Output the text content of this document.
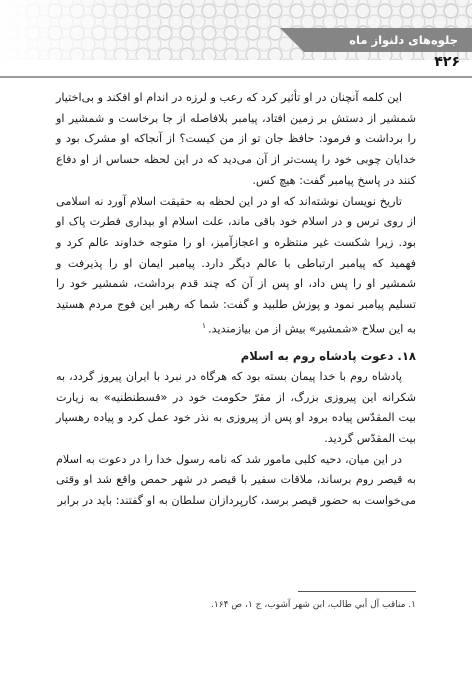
جلوه‌های دلنواز ماه
۴۲۶

این کلمه آنچنان در او تأثیر کرد که رعب و لرزه در اندام او افکند و بی‌اختیار شمشیر از دستش بر زمین افتاد، پیامبر بلافاصله از جا برخاست و شمشیر او را برداشت و فرمود: حافظ جان تو از من کیست؟ از آنجاکه او مشرک بود و خدایان چوبی خود را پست‌تر از آن می‌دید که در این لحظه حساس از او دفاع کنند در پاسخ پیامبر گفت: هیچ کس.

تاریخ نویسان نوشته‌اند که او در این لحظه به حقیقت اسلام آورد نه اسلامی از روی ترس و در اسلام خود باقی ماند، علت اسلام او بیداری فطرت پاک او بود. زیرا شکست غیر منتظره و اعجازآمیز، او را متوجه خداوند عالم کرد و فهمید که پیامبر ارتباطی با عالم دیگر دارد. پیامبر ایمان او را پذیرفت و شمشیر او را پس داد، او پس از آن که چند قدم برداشت، شمشیر خود را تسلیم پیامبر نمود و پوزش طلبید و گفت: شما که رهبر این فوج مردم هستید به این سلاح «شمشیر» بیش از من بیازمندید.$^۱$

۱۸. دعوت پادشاه روم به اسلام

پادشاه روم با خدا پیمان بسته بود که هرگاه در نبرد با ایران پیروز گردد، به شکرانه این پیروزی بزرگ، از مقرّ حکومت خود در «قسطنطنیه» به زیارت بیت المقدّس پیاده برود او پس از پیروزی به نذر خود عمل کرد و پیاده رهسپار بیت المقدّس گردید.

در این میان، دحیه کلبی مامور شد که نامه رسول خدا را در دعوت به اسلام به قیصر روم برساند، ملاقات سفیر با قیصر در شهر حمص واقع شد او وقتی می‌خواست به حضور قیصر برسد، کارپردازان سلطان به او گفتند: باید در برابر

۱. مناقب آل أبي طالب، ابن شهر آشوب، ج ۱، ص ۱۶۴.
